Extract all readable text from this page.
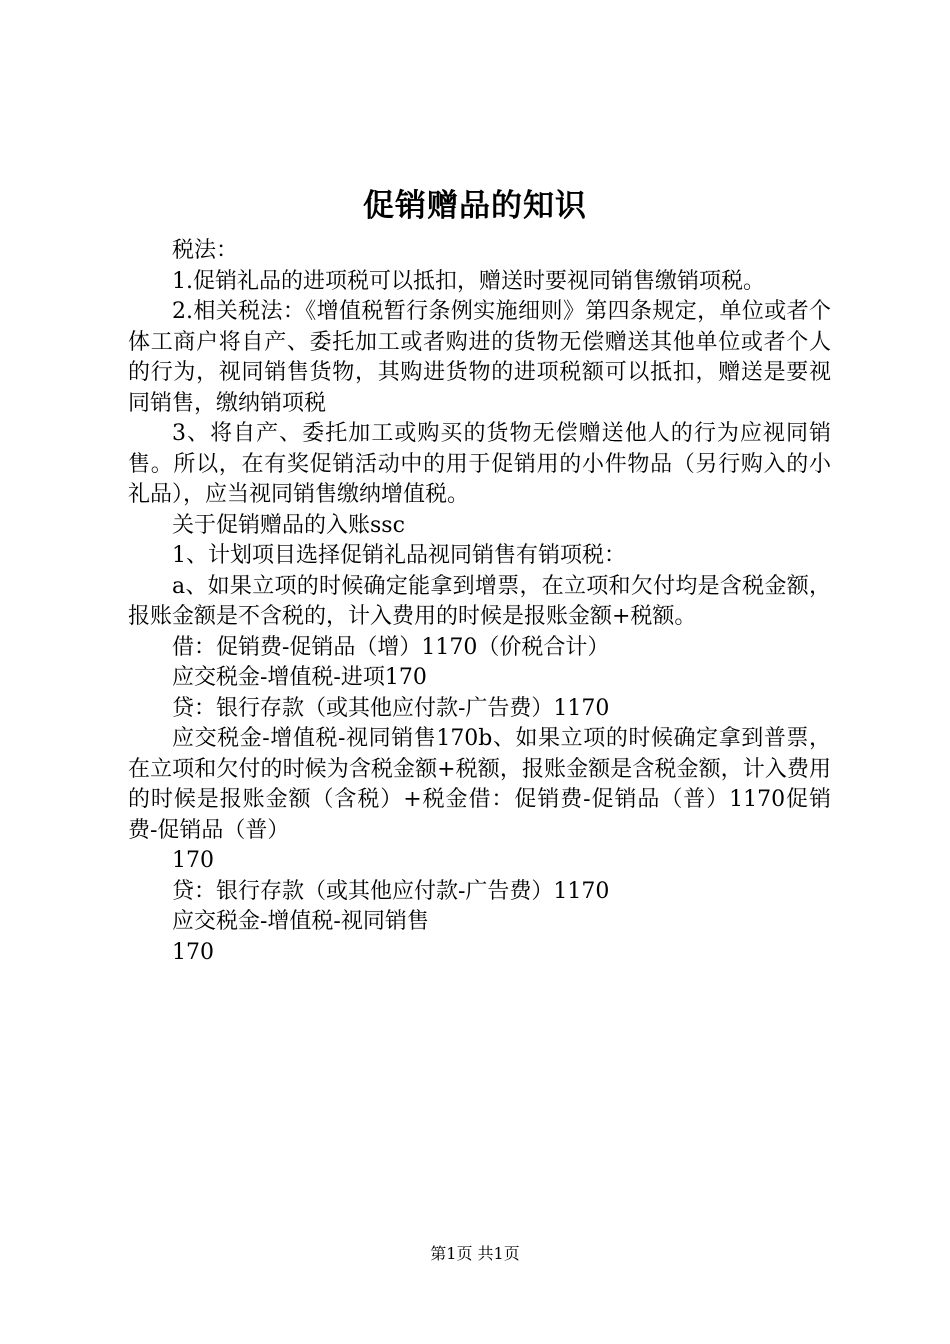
促销赠品的知识

税法：

1.促销礼品的进项税可以抵扣，赠送时要视同销售缴销项税。

2.相关税法：《增值税暂行条例实施细则》第四条规定，单位或者个体工商户将自产、委托加工或者购进的货物无偿赠送其他单位或者个人的行为，视同销售货物，其购进货物的进项税额可以抵扣，赠送是要视同销售，缴纳销项税

3、将自产、委托加工或购买的货物无偿赠送他人的行为应视同销售。所以，在有奖促销活动中的用于促销用的小件物品（另行购入的小礼品），应当视同销售缴纳增值税。

关于促销赠品的入账ssc

1、计划项目选择促销礼品视同销售有销项税：

a、如果立项的时候确定能拿到增票，在立项和欠付均是含税金额，报账金额是不含税的，计入费用的时候是报账金额+税额。

借：促销费-促销品（增）1170（价税合计）

应交税金-增值税-进项170

贷：银行存款（或其他应付款-广告费）1170

应交税金-增值税-视同销售170b、如果立项的时候确定拿到普票，在立项和欠付的时候为含税金额+税额，报账金额是含税金额，计入费用的时候是报账金额（含税）+税金借：促销费-促销品（普）1170促销费-促销品（普）

170

贷：银行存款（或其他应付款-广告费）1170

应交税金-增值税-视同销售

170

第1页 共1页
